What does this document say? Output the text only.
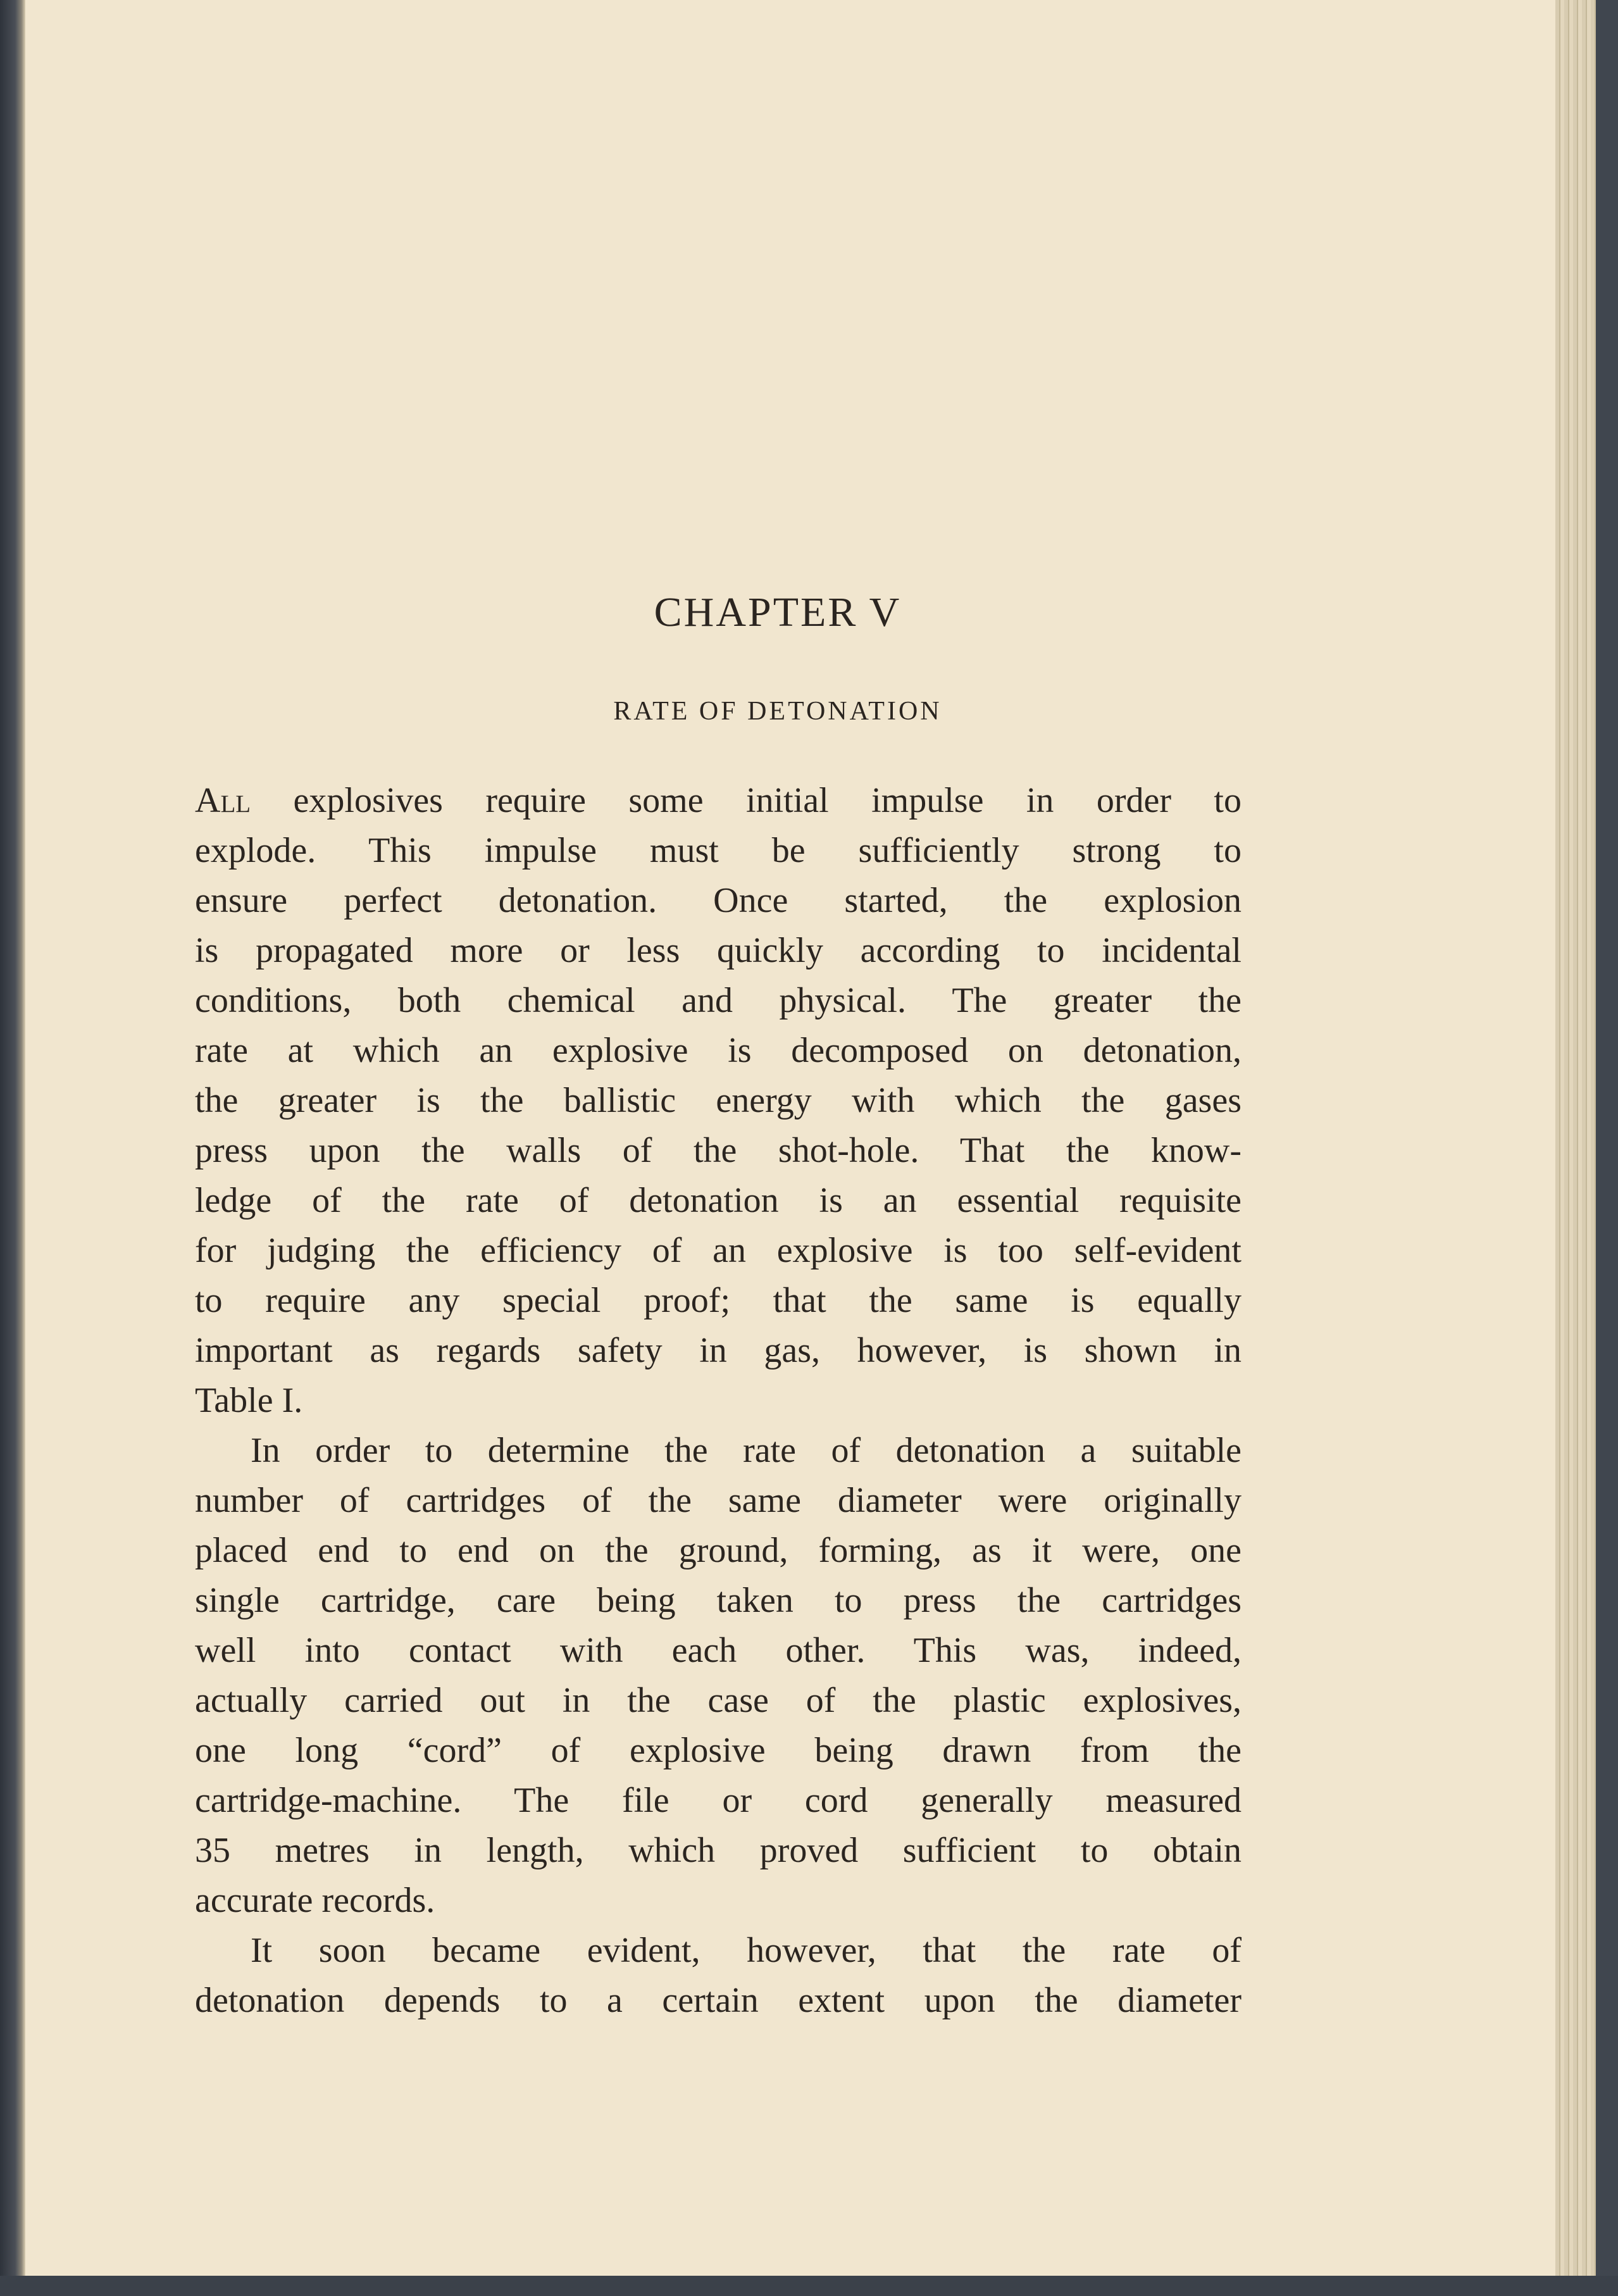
CHAPTER V
RATE OF DETONATION
All explosives require some initial impulse in order to
explode. This impulse must be sufficiently strong to
ensure perfect detonation. Once started, the explosion
is propagated more or less quickly according to incidental
conditions, both chemical and physical. The greater the
rate at which an explosive is decomposed on detonation,
the greater is the ballistic energy with which the gases
press upon the walls of the shot-hole. That the know-
ledge of the rate of detonation is an essential requisite
for judging the efficiency of an explosive is too self-evident
to require any special proof; that the same is equally
important as regards safety in gas, however, is shown in
Table I.
In order to determine the rate of detonation a suitable
number of cartridges of the same diameter were originally
placed end to end on the ground, forming, as it were, one
single cartridge, care being taken to press the cartridges
well into contact with each other. This was, indeed,
actually carried out in the case of the plastic explosives,
one long “cord” of explosive being drawn from the
cartridge-machine. The file or cord generally measured
35 metres in length, which proved sufficient to obtain
accurate records.
It soon became evident, however, that the rate of
detonation depends to a certain extent upon the diameter
